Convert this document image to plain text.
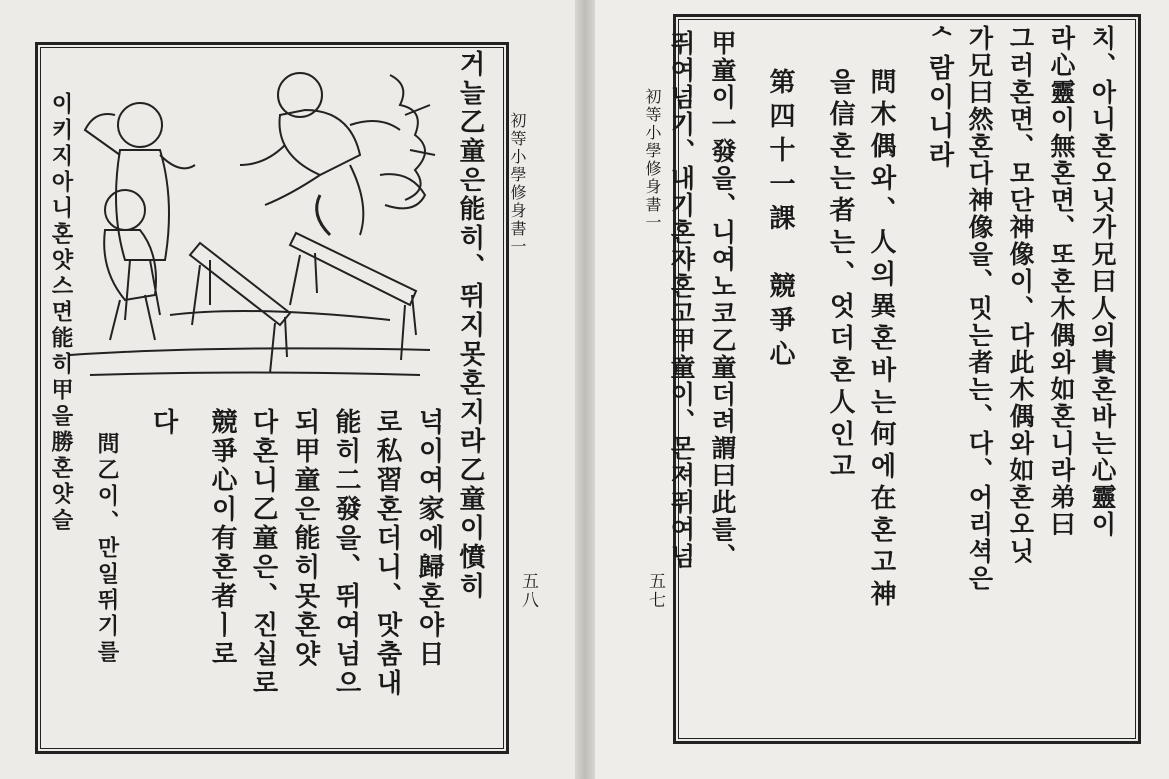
初等小學修身書一
五八
거늘乙童은能히、뛰지못혼지라乙童이憤히
넉이여家에歸혼야日
로私習혼더니、맛춤내
能히二發을、뛰여넘으
되甲童은能히못혼얏
다혼니乙童은、진실로
競爭心이有혼者ㅣ로
다
問乙이、만일뛰기를
이키지아니혼얏스면能히甲을勝혼얏슬	初等小學修身書一
五七
치、아니혼오닛가兄曰人의貴혼바는心靈이
라心靈이無혼면、또혼木偶와如혼니라弟曰
그러혼면、모단神像이、다此木偶와如혼오닛
가兄曰然혼다神像을、밋는者는、다、어리셕은
ᄉ람이니라
問木偶와、人의異혼바는何에在혼고神
을信혼는者는、엇더혼人인고
第四十一課　競爭心
甲童이一發을、니여노코乙童더려謂曰此를、
뛰여넘기、내기혼쟈혼고甲童이、몬져뛰여넘
